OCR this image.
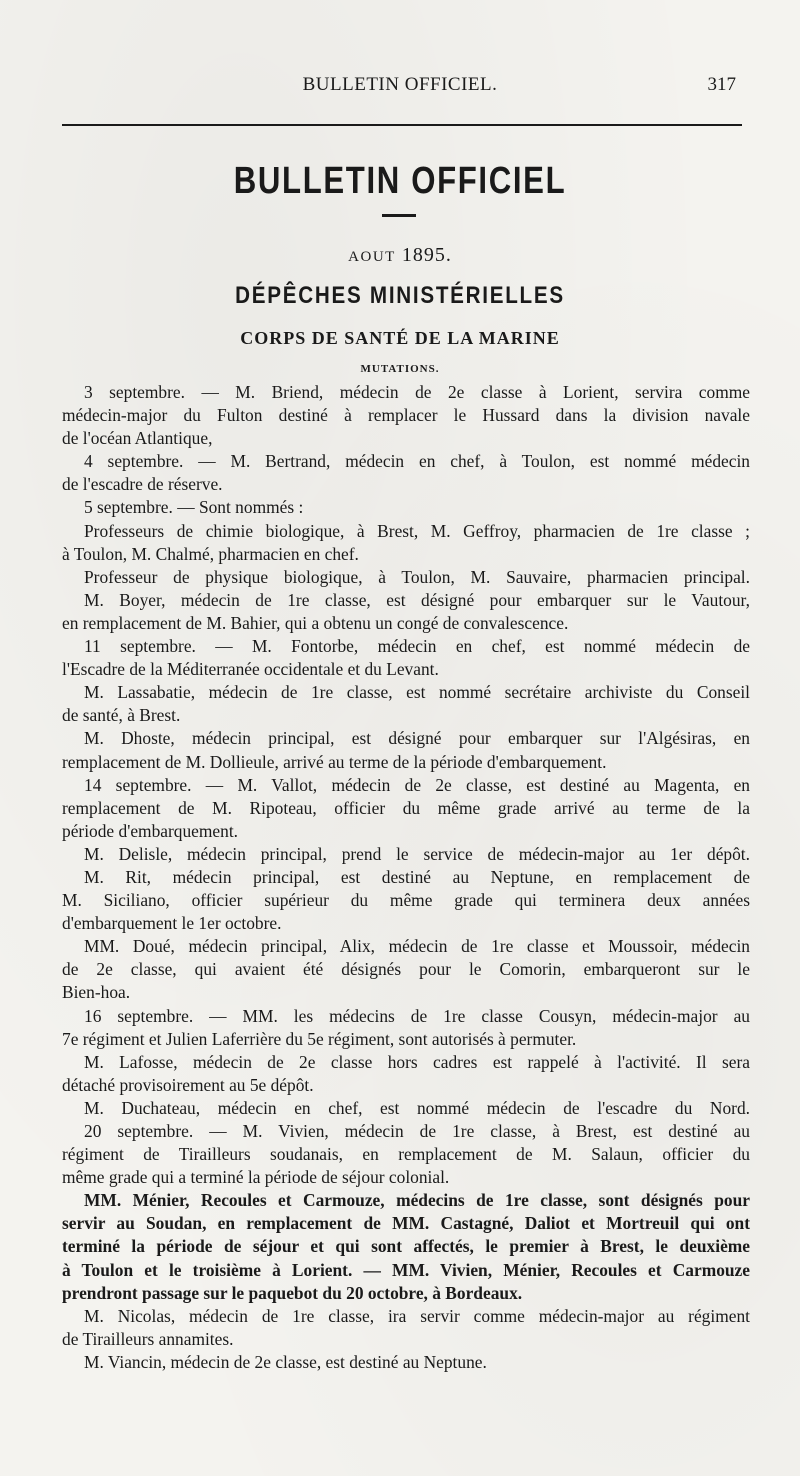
BULLETIN OFFICIEL.	317
BULLETIN OFFICIEL
AOUT 1895.
DÉPÊCHES MINISTÉRIELLES
CORPS DE SANTÉ DE LA MARINE
MUTATIONS.
3 septembre. — M. Briend, médecin de 2e classe à Lorient, servira comme
médecin-major du Fulton destiné à remplacer le Hussard dans la division navale
de l'océan Atlantique,
4 septembre. — M. Bertrand, médecin en chef, à Toulon, est nommé médecin
de l'escadre de réserve.
5 septembre. — Sont nommés :
Professeurs de chimie biologique, à Brest, M. Geffroy, pharmacien de 1re classe ;
à Toulon, M. Chalmé, pharmacien en chef.
Professeur de physique biologique, à Toulon, M. Sauvaire, pharmacien principal.
M. Boyer, médecin de 1re classe, est désigné pour embarquer sur le Vautour,
en remplacement de M. Bahier, qui a obtenu un congé de convalescence.
11 septembre. — M. Fontorbe, médecin en chef, est nommé médecin de
l'Escadre de la Méditerranée occidentale et du Levant.
M. Lassabatie, médecin de 1re classe, est nommé secrétaire archiviste du Conseil
de santé, à Brest.
M. Dhoste, médecin principal, est désigné pour embarquer sur l'Algésiras, en
remplacement de M. Dollieule, arrivé au terme de la période d'embarquement.
14 septembre. — M. Vallot, médecin de 2e classe, est destiné au Magenta, en
remplacement de M. Ripoteau, officier du même grade arrivé au terme de la
période d'embarquement.
M. Delisle, médecin principal, prend le service de médecin-major au 1er dépôt.
M. Rit, médecin principal, est destiné au Neptune, en remplacement de
M. Siciliano, officier supérieur du même grade qui terminera deux années
d'embarquement le 1er octobre.
MM. Doué, médecin principal, Alix, médecin de 1re classe et Moussoir, médecin
de 2e classe, qui avaient été désignés pour le Comorin, embarqueront sur le
Bien-hoa.
16 septembre. — MM. les médecins de 1re classe Cousyn, médecin-major au
7e régiment et Julien Laferrière du 5e régiment, sont autorisés à permuter.
M. Lafosse, médecin de 2e classe hors cadres est rappelé à l'activité. Il sera
détaché provisoirement au 5e dépôt.
M. Duchateau, médecin en chef, est nommé médecin de l'escadre du Nord.
20 septembre. — M. Vivien, médecin de 1re classe, à Brest, est destiné au
régiment de Tirailleurs soudanais, en remplacement de M. Salaun, officier du
même grade qui a terminé la période de séjour colonial.
MM. Ménier, Recoules et Carmouze, médecins de 1re classe, sont désignés pour
servir au Soudan, en remplacement de MM. Castagné, Daliot et Mortreuil qui ont
terminé la période de séjour et qui sont affectés, le premier à Brest, le deuxième
à Toulon et le troisième à Lorient. — MM. Vivien, Ménier, Recoules et Carmouze
prendront passage sur le paquebot du 20 octobre, à Bordeaux.
M. Nicolas, médecin de 1re classe, ira servir comme médecin-major au régiment
de Tirailleurs annamites.
M. Viancin, médecin de 2e classe, est destiné au Neptune.
